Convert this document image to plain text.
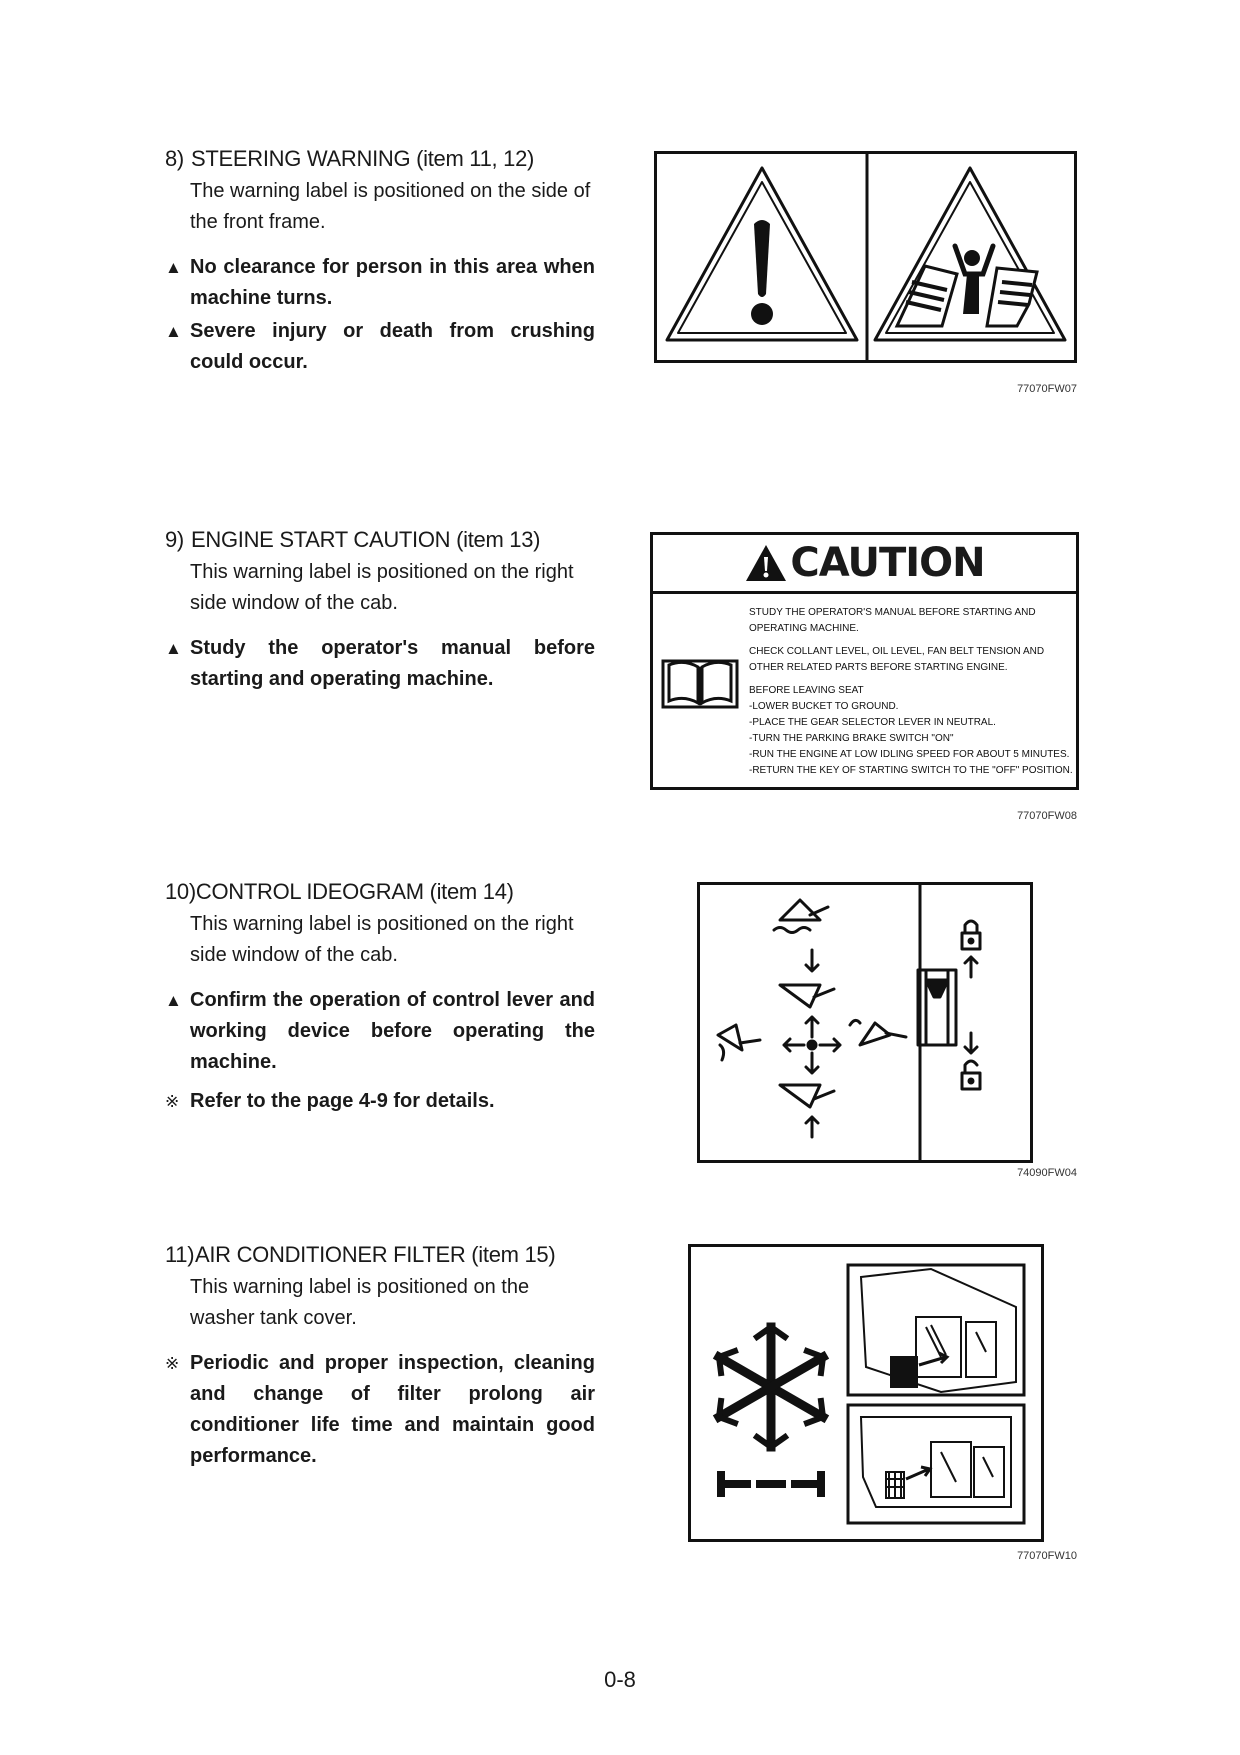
8) STEERING WARNING (item 11, 12)
The warning label is positioned on the side of the front frame.
▲ No clearance for person in this area when machine turns.
▲ Severe injury or death from crushing could occur.
77070FW07
9) ENGINE START CAUTION (item 13)
This warning label is positioned on the right side window of the cab.
▲ Study the operator's manual before starting and operating machine.
CAUTION

STUDY THE OPERATOR'S MANUAL BEFORE STARTING AND
OPERATING MACHINE.

CHECK COLLANT LEVEL, OIL LEVEL, FAN BELT TENSION AND
OTHER RELATED PARTS BEFORE STARTING ENGINE.

BEFORE LEAVING SEAT
-LOWER BUCKET TO GROUND.
-PLACE THE GEAR SELECTOR LEVER IN NEUTRAL.
-TURN THE PARKING BRAKE SWITCH "ON"
-RUN THE ENGINE AT LOW IDLING SPEED FOR ABOUT 5 MINUTES.
-RETURN THE KEY OF STARTING SWITCH TO THE "OFF" POSITION.

77070FW08
10)CONTROL IDEOGRAM (item 14)
This warning label is positioned on the right side window of the cab.
▲ Confirm the operation of control lever and working device before operating the machine.
※ Refer to the page 4-9 for details.
74090FW04
11)AIR CONDITIONER FILTER (item 15)
This warning label is positioned on the washer tank cover.
※ Periodic and proper inspection, cleaning and change of filter prolong air conditioner life time and maintain good performance.
77070FW10
0-8
